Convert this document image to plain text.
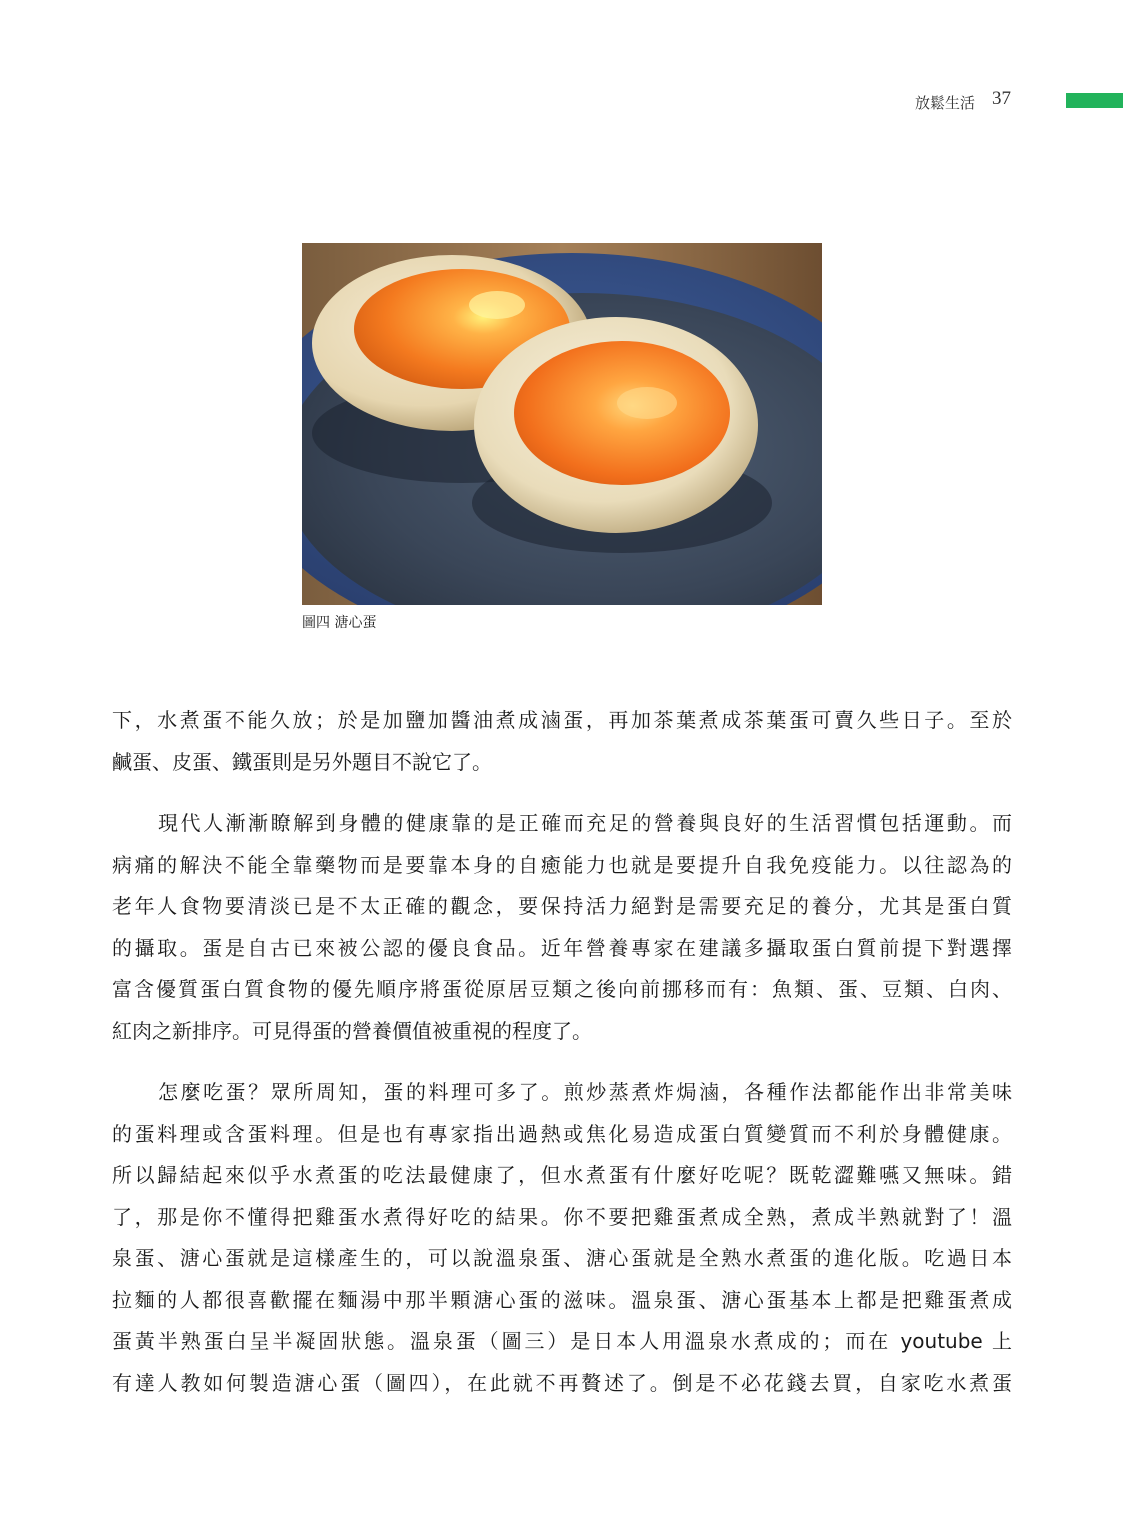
放鬆生活 37
圖四 溏心蛋
下，水煮蛋不能久放；於是加鹽加醬油煮成滷蛋，再加茶葉煮成茶葉蛋可賣久些日子。至於
鹹蛋、皮蛋、鐵蛋則是另外題目不說它了。
現代人漸漸瞭解到身體的健康靠的是正確而充足的營養與良好的生活習慣包括運動。而
病痛的解決不能全靠藥物而是要靠本身的自癒能力也就是要提升自我免疫能力。以往認為的
老年人食物要清淡已是不太正確的觀念，要保持活力絕對是需要充足的養分，尤其是蛋白質
的攝取。蛋是自古已來被公認的優良食品。近年營養專家在建議多攝取蛋白質前提下對選擇
富含優質蛋白質食物的優先順序將蛋從原居豆類之後向前挪移而有：魚類、蛋、豆類、白肉、
紅肉之新排序。可見得蛋的營養價值被重視的程度了。
怎麼吃蛋？眾所周知，蛋的料理可多了。煎炒蒸煮炸焗滷，各種作法都能作出非常美味
的蛋料理或含蛋料理。但是也有專家指出過熱或焦化易造成蛋白質變質而不利於身體健康。
所以歸結起來似乎水煮蛋的吃法最健康了，但水煮蛋有什麼好吃呢？既乾澀難嚥又無味。錯
了，那是你不懂得把雞蛋水煮得好吃的結果。你不要把雞蛋煮成全熟，煮成半熟就對了！溫
泉蛋、溏心蛋就是這樣產生的，可以說溫泉蛋、溏心蛋就是全熟水煮蛋的進化版。吃過日本
拉麵的人都很喜歡擺在麵湯中那半顆溏心蛋的滋味。溫泉蛋、溏心蛋基本上都是把雞蛋煮成
蛋黃半熟蛋白呈半凝固狀態。溫泉蛋（圖三）是日本人用溫泉水煮成的；而在 youtube 上
有達人教如何製造溏心蛋（圖四），在此就不再贅述了。倒是不必花錢去買，自家吃水煮蛋
